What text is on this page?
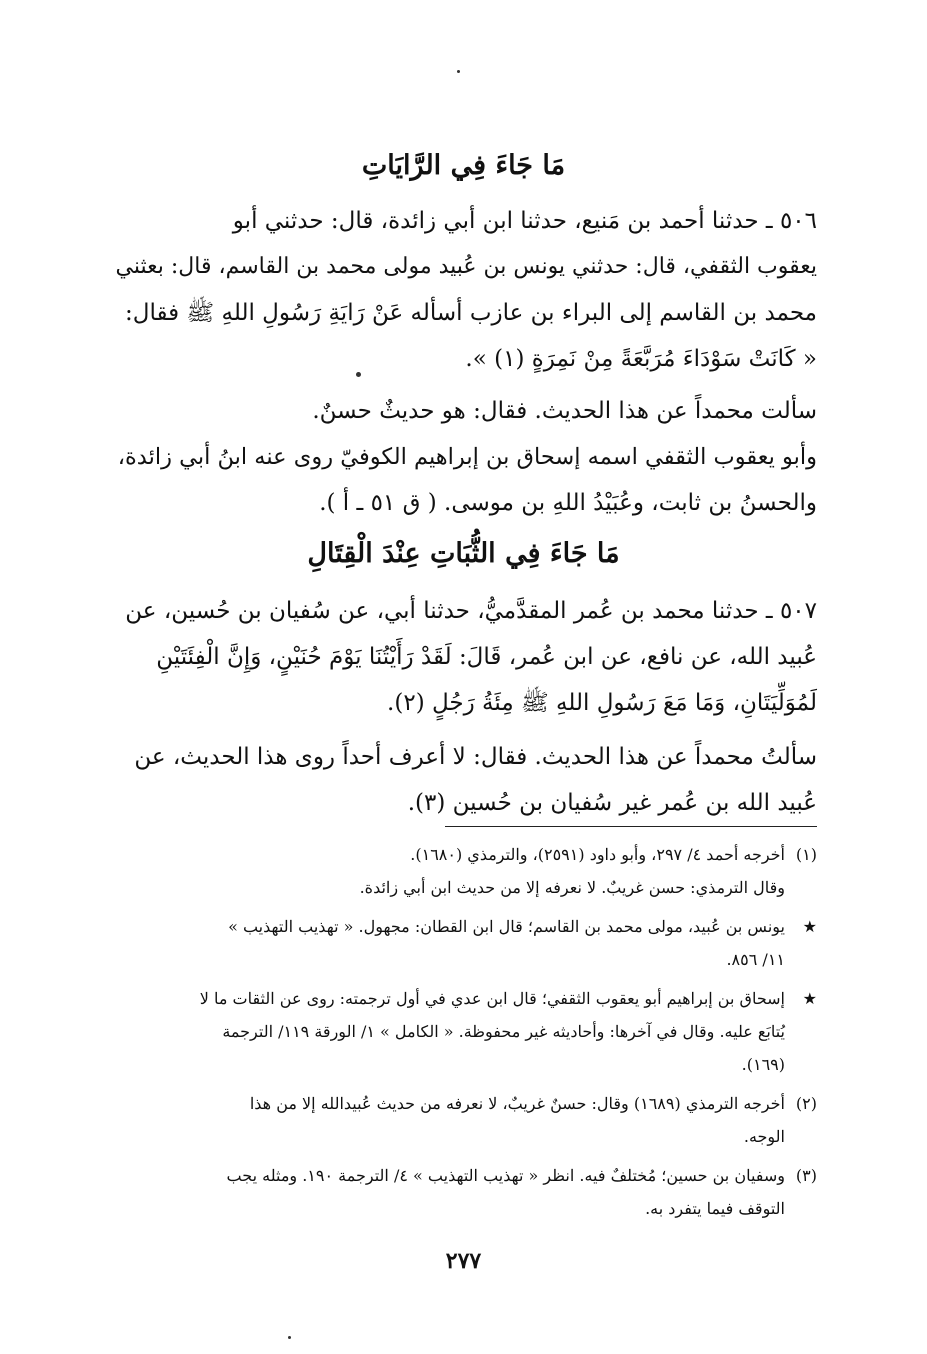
مَا جَاءَ فِي الرَّايَاتِ
٥٠٦ ـ حدثنا أحمد بن مَنيع، حدثنا ابن أبي زائدة، قال: حدثني أبو
يعقوب الثقفي، قال: حدثني يونس بن عُبيد مولى محمد بن القاسم، قال: بعثني
محمد بن القاسم إلى البراء بن عازب أسأله عَنْ رَايَةِ رَسُولِ اللهِ ﷺ فقال:
« كَانَتْ سَوْدَاءَ مُرَبَّعَةً مِنْ نَمِرَةٍ (١) ».
سألت محمداً عن هذا الحديث. فقال: هو حديثٌ حسنٌ.
وأبو يعقوب الثقفي اسمه إسحاق بن إبراهيم الكوفيّ روى عنه ابنُ أبي زائدة،
والحسنُ بن ثابت، وعُبَيْدُ اللهِ بن موسى. ( ق ٥١ ـ أ ).
مَا جَاءَ فِي الثُّبَاتِ عِنْدَ الْقِتَالِ
٥٠٧ ـ حدثنا محمد بن عُمر المقدَّميُّ، حدثنا أبي، عن سُفيان بن حُسين، عن
عُبيد الله، عن نافع، عن ابن عُمر، قَالَ: لَقَدْ رَأَيْتُنَا يَوْمَ حُنَيْنٍ، وَإِنَّ الْفِئَتَيْنِ
لَمُوَلِّيَتَانِ، وَمَا مَعَ رَسُولِ اللهِ ﷺ مِئَةُ رَجُلٍ (٢).
سألتُ محمداً عن هذا الحديث. فقال: لا أعرف أحداً روى هذا الحديث، عن
عُبيد الله بن عُمر غير سُفيان بن حُسين (٣).
(١)
أخرجه أحمد ٤/ ٢٩٧، وأبو داود (٢٥٩١)، والترمذي (١٦٨٠).
وقال الترمذي: حسن غريبٌ. لا نعرفه إلا من حديث ابن أبي زائدة.
★
يونس بن عُبيد، مولى محمد بن القاسم؛ قال ابن القطان: مجهول. « تهذيب التهذيب »
١١/ ٨٥٦.
★
إسحاق بن إبراهيم أبو يعقوب الثقفي؛ قال ابن عدي في أول ترجمته: روى عن الثقات ما لا
يُتابَع عليه. وقال في آخرها: وأحاديثه غير محفوظة. « الكامل » ١/ الورقة ١١٩/ الترجمة
(١٦٩).
(٢)
أخرجه الترمذي (١٦٨٩) وقال: حسنٌ غريبٌ، لا نعرفه من حديث عُبيدالله إلا من هذا
الوجه.
(٣)
وسفيان بن حسين؛ مُختلفٌ فيه. انظر « تهذيب التهذيب » ٤/ الترجمة ١٩٠. ومثله يجب
التوقف فيما يتفرد به.
٢٧٧
